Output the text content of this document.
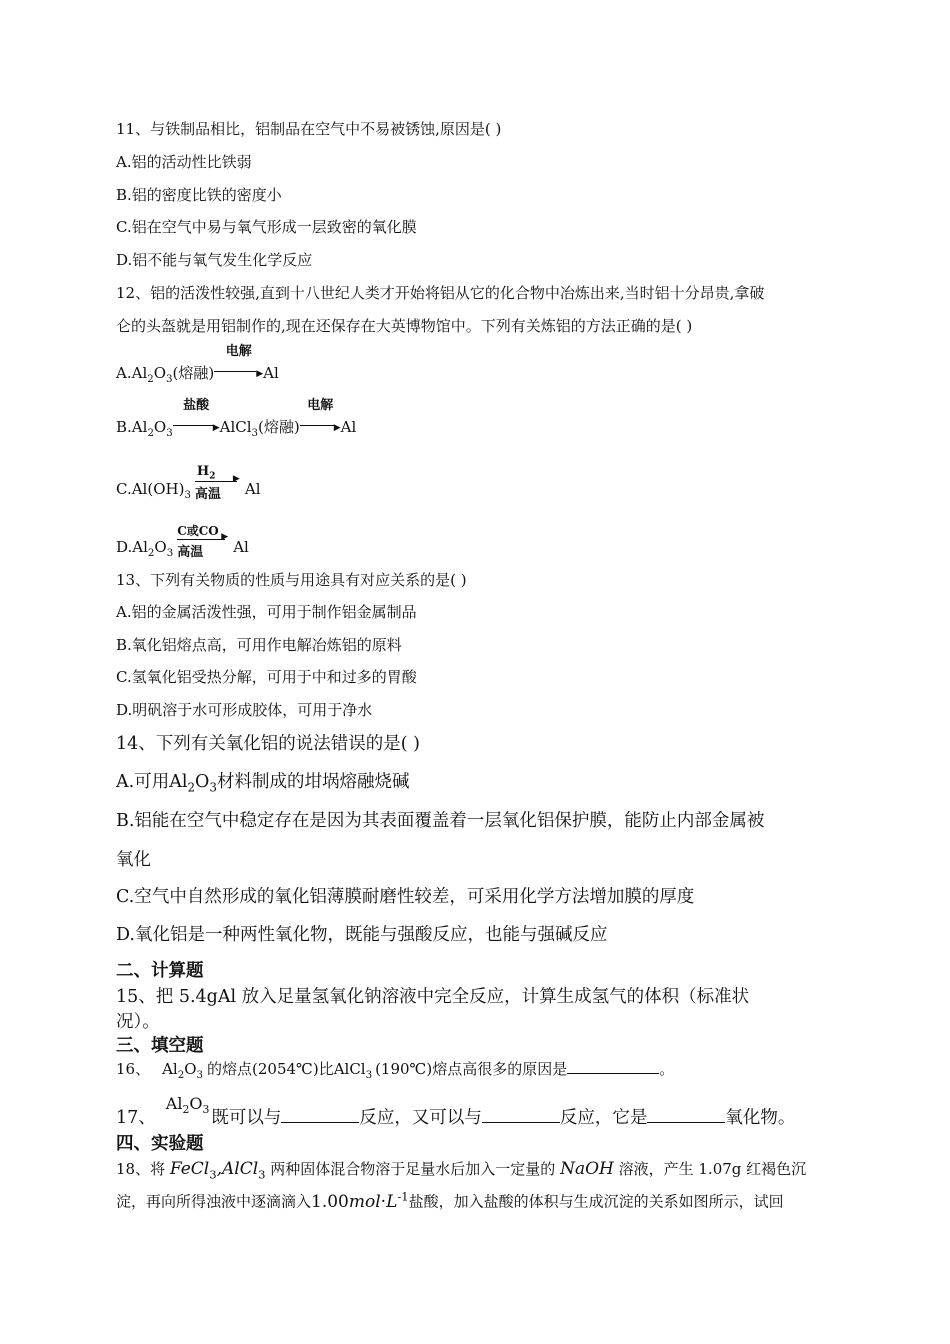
11、与铁制品相比，铝制品在空气中不易被锈蚀,原因是( )
A.铝的活动性比铁弱
B.铝的密度比铁的密度小
C.铝在空气中易与氧气形成一层致密的氧化膜
D.铝不能与氧气发生化学反应
12、铝的活泼性较强,直到十八世纪人类才开始将铝从它的化合物中冶炼出来,当时铝十分昂贵,拿破
仑的头盔就是用铝制作的,现在还保存在大英博物馆中。下列有关炼铝的方法正确的是( )
$A.Al_2O_3$(熔融)
电解
▶Al
$B.Al_2O_3$
盐酸
▶AlCl$_3$(熔融)
电解
▶Al
$C.Al(OH)_3$
$H_2$ ▶
高温	Al
$D.Al_2O_3$
C或CO ▶
高温	Al
13、下列有关物质的性质与用途具有对应关系的是( )
A.铝的金属活泼性强，可用于制作铝金属制品
B.氧化铝熔点高，可用作电解冶炼铝的原料
C.氢氧化铝受热分解，可用于中和过多的胃酸
D.明矾溶于水可形成胶体，可用于净水
14、下列有关氧化铝的说法错误的是( )
A.可用$Al_2O_3$材料制成的坩埚熔融烧碱
B.铝能在空气中稳定存在是因为其表面覆盖着一层氧化铝保护膜，能防止内部金属被
氧化
C.空气中自然形成的氧化铝薄膜耐磨性较差，可采用化学方法增加膜的厚度
D.氧化铝是一种两性氧化物，既能与强酸反应，也能与强碱反应
二、计算题
15、把 5.4gAl 放入足量氢氧化钠溶液中完全反应，计算生成氢气的体积（标准状
况）。
三、填空题
16、 $Al_2O_3$ 的熔点(2054℃)比AlCl$_3$ (190℃)熔点高很多的原因是	。
17、$Al_2O_3$ 既可以与	反应，又可以与	反应，它是	氧化物。
四、实验题
18、将 FeCl$_3$,AlCl$_3$ 两种固体混合物溶于足量水后加入一定量的 NaOH 溶液，产生 1.07g 红褐色沉
淀，再向所得浊液中逐滴滴入$1.00mol\cdot L^{-1}$盐酸，加入盐酸的体积与生成沉淀的关系如图所示，试回
